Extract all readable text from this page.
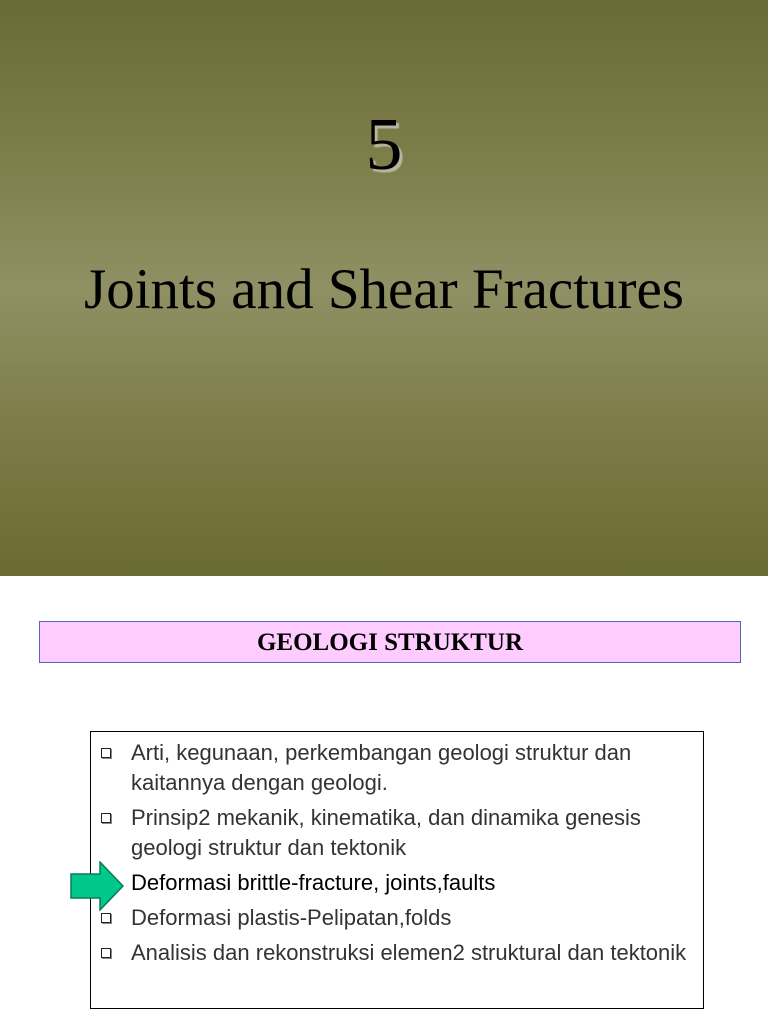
5
Joints and Shear Fractures
GEOLOGI STRUKTUR
Arti, kegunaan, perkembangan geologi struktur dan kaitannya dengan geologi.
Prinsip2 mekanik, kinematika, dan dinamika genesis geologi struktur dan tektonik
Deformasi brittle-fracture, joints,faults
Deformasi plastis-Pelipatan,folds
Analisis dan rekonstruksi elemen2 struktural dan tektonik
